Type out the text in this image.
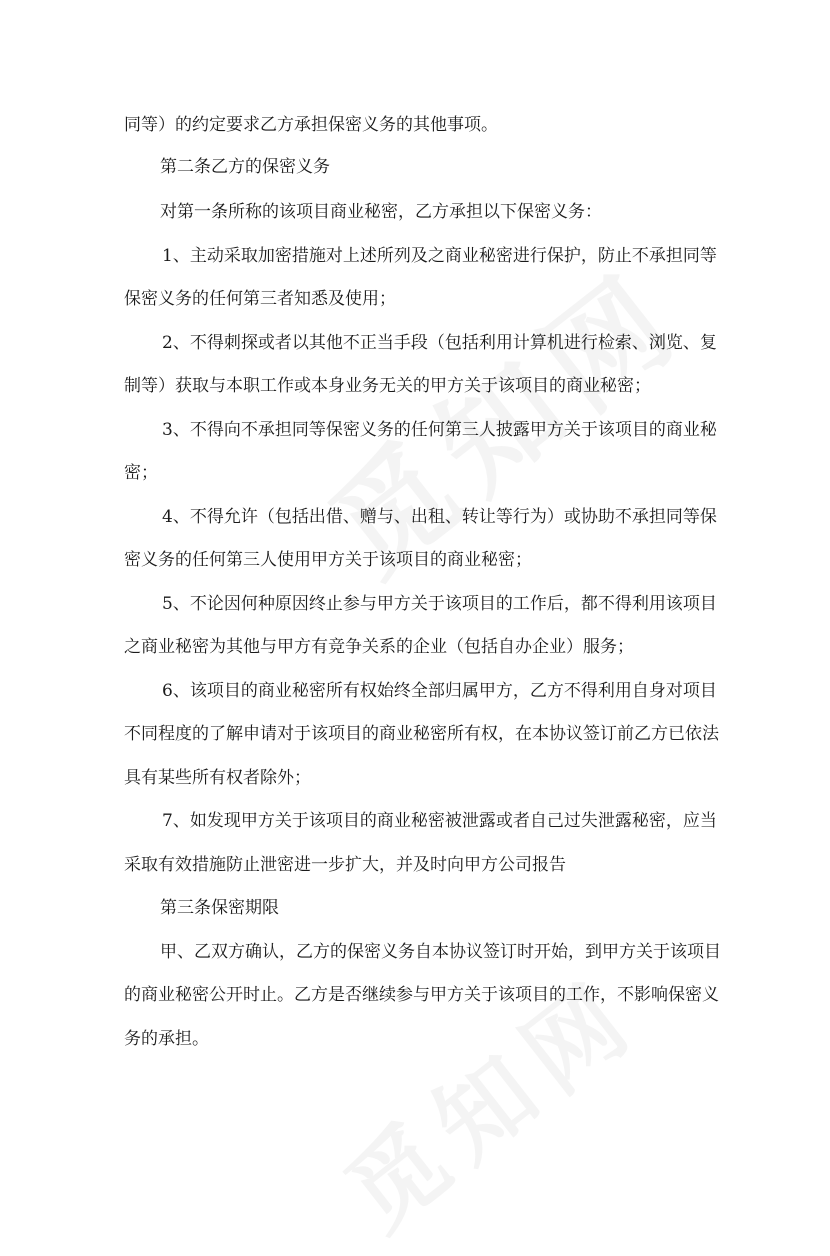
同等）的约定要求乙方承担保密义务的其他事项。
第二条乙方的保密义务
对第一条所称的该项目商业秘密，乙方承担以下保密义务：
1、主动采取加密措施对上述所列及之商业秘密进行保护，防止不承担同等
保密义务的任何第三者知悉及使用；
2、不得刺探或者以其他不正当手段（包括利用计算机进行检索、浏览、复
制等）获取与本职工作或本身业务无关的甲方关于该项目的商业秘密；
3、不得向不承担同等保密义务的任何第三人披露甲方关于该项目的商业秘
密；
4、不得允许（包括出借、赠与、出租、转让等行为）或协助不承担同等保
密义务的任何第三人使用甲方关于该项目的商业秘密；
5、不论因何种原因终止参与甲方关于该项目的工作后，都不得利用该项目
之商业秘密为其他与甲方有竞争关系的企业（包括自办企业）服务；
6、该项目的商业秘密所有权始终全部归属甲方，乙方不得利用自身对项目
不同程度的了解申请对于该项目的商业秘密所有权，在本协议签订前乙方已依法
具有某些所有权者除外；
7、如发现甲方关于该项目的商业秘密被泄露或者自己过失泄露秘密，应当
采取有效措施防止泄密进一步扩大，并及时向甲方公司报告
第三条保密期限
甲、乙双方确认，乙方的保密义务自本协议签订时开始，到甲方关于该项目
的商业秘密公开时止。乙方是否继续参与甲方关于该项目的工作，不影响保密义
务的承担。
